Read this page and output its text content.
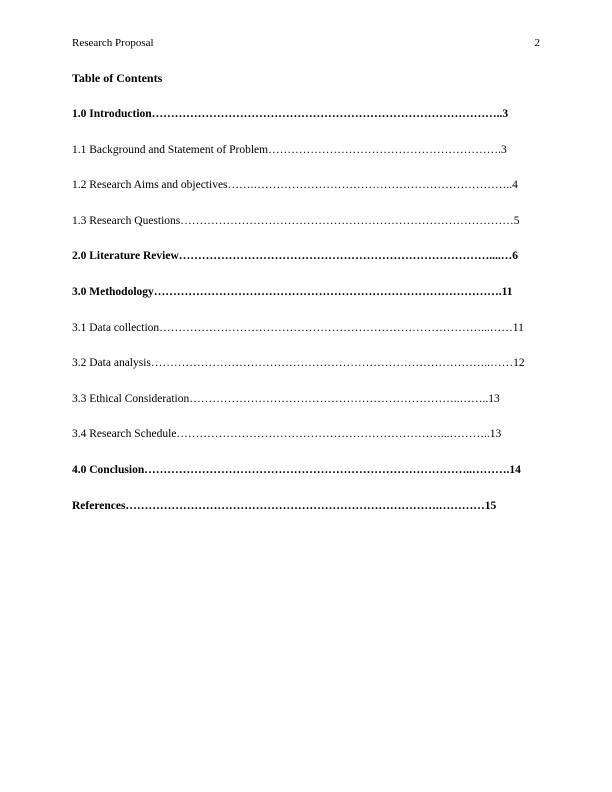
Research Proposal	2
Table of Contents
1.0 Introduction………………………………………………………………………………..3
1.1 Background and Statement of Problem…………………………………………………….3
1.2 Research Aims and objectives…….…………………………………………………………..4
1.3 Research Questions……………………………………………………………………………5
2.0 Literature Review………………………………………………………………………....…6
3.0 Methodology……………………………………………………………………………….11
3.1 Data collection…………………………………………………………………………...……11
3.2 Data analysis……………………………………………………………………………..……12
3.3 Ethical Consideration……………………………………………………………..……..13
3.4 Research Schedule……………………………………………………………...………..13
4.0 Conclusion…………………………………………………………………………..……….14
References……………………………………………………………………….…………15
